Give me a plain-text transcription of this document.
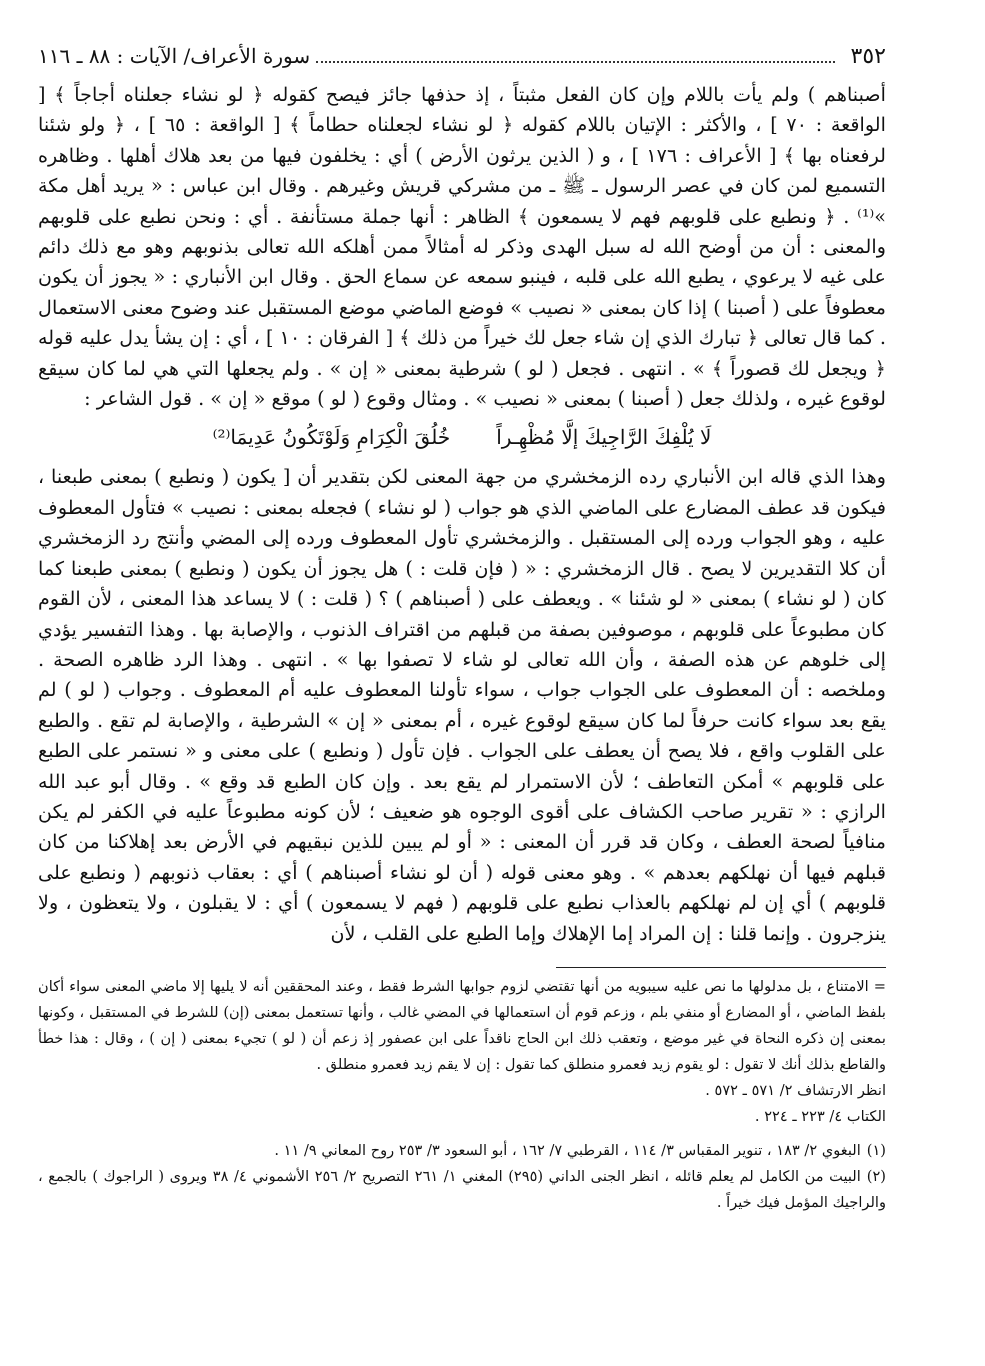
٣٥٢
سورة الأعراف/ الآيات : ٨٨ ـ ١١٦

أصبناهم ) ولم يأت باللام وإن كان الفعل مثبتاً ، إذ حذفها جائز فيصح كقوله ﴿ لو نشاء جعلناه أجاجاً ﴾ [ الواقعة : ٧٠ ] ، والأكثر : الإتيان باللام كقوله ﴿ لو نشاء لجعلناه حطاماً ﴾ [ الواقعة : ٦٥ ] ، ﴿ ولو شئنا لرفعناه بها ﴾ [ الأعراف : ١٧٦ ] ، و ( الذين يرثون الأرض ) أي : يخلفون فيها من بعد هلاك أهلها . وظاهره التسميع لمن كان في عصر الرسول ـ ﷺ ـ من مشركي قريش وغيرهم . وقال ابن عباس : « يريد أهل مكة »⁽¹⁾ . ﴿ ونطبع على قلوبهم فهم لا يسمعون ﴾ الظاهر : أنها جملة مستأنفة . أي : ونحن نطبع على قلوبهم والمعنى : أن من أوضح الله له سبل الهدى وذكر له أمثالاً ممن أهلكه الله تعالى بذنوبهم وهو مع ذلك دائم على غيه لا يرعوي ، يطبع الله على قلبه ، فينبو سمعه عن سماع الحق . وقال ابن الأنباري : « يجوز أن يكون معطوفاً على ( أصبنا ) إذا كان بمعنى « نصيب » فوضع الماضي موضع المستقبل عند وضوح معنى الاستعمال . كما قال تعالى ﴿ تبارك الذي إن شاء جعل لك خيراً من ذلك ﴾ [ الفرقان : ١٠ ] ، أي : إن يشأ يدل عليه قوله ﴿ ويجعل لك قصوراً ﴾ » . انتهى . فجعل ( لو ) شرطية بمعنى « إن » . ولم يجعلها التي هي لما كان سيقع لوقوع غيره ، ولذلك جعل ( أصبنا ) بمعنى « نصيب » . ومثال وقوع ( لو ) موقع « إن » . قول الشاعر :

لَا يُلْفِكَ الرَّاجِيكَ إلَّا مُظْهِـراً
خُلُقَ الْكِرَامِ وَلَوْتَكُونُ عَدِيمَا⁽²⁾

وهذا الذي قاله ابن الأنباري رده الزمخشري من جهة المعنى لكن بتقدير أن [ يكون ( ونطبع ) بمعنى طبعنا ، فيكون قد عطف المضارع على الماضي الذي هو جواب ( لو نشاء ) فجعله بمعنى : نصيب » فتأول المعطوف عليه ، وهو الجواب ورده إلى المستقبل . والزمخشري تأول المعطوف ورده إلى المضي وأنتج رد الزمخشري أن كلا التقديرين لا يصح . قال الزمخشري : « ( فإن قلت : ) هل يجوز أن يكون ( ونطبع ) بمعنى طبعنا كما كان ( لو نشاء ) بمعنى « لو شئنا » . ويعطف على ( أصبناهم ) ؟ ( قلت : ) لا يساعد هذا المعنى ، لأن القوم كان مطبوعاً على قلوبهم ، موصوفين بصفة من قبلهم من اقتراف الذنوب ، والإصابة بها . وهذا التفسير يؤدي إلى خلوهم عن هذه الصفة ، وأن الله تعالى لو شاء لا تصفوا بها » . انتهى . وهذا الرد ظاهره الصحة . وملخصه : أن المعطوف على الجواب جواب ، سواء تأولنا المعطوف عليه أم المعطوف . وجواب ( لو ) لم يقع بعد سواء كانت حرفاً لما كان سيقع لوقوع غيره ، أم بمعنى « إن » الشرطية ، والإصابة لم تقع . والطبع على القلوب واقع ، فلا يصح أن يعطف على الجواب . فإن تأول ( ونطبع ) على معنى و « نستمر على الطبع على قلوبهم » أمكن التعاطف ؛ لأن الاستمرار لم يقع بعد . وإن كان الطبع قد وقع » . وقال أبو عبد الله الرازي : « تقرير صاحب الكشاف على أقوى الوجوه هو ضعيف ؛ لأن كونه مطبوعاً عليه في الكفر لم يكن منافياً لصحة العطف ، وكان قد قرر أن المعنى : « أو لم يبين للذين نبقيهم في الأرض بعد إهلاكنا من كان قبلهم فيها أن نهلكهم بعدهم » . وهو معنى قوله ( أن لو نشاء أصبناهم ) أي : بعقاب ذنوبهم ( ونطبع على قلوبهم ) أي إن لم نهلكهم بالعذاب نطبع على قلوبهم ( فهم لا يسمعون ) أي : لا يقبلون ، ولا يتعظون ، ولا ينزجرون . وإنما قلنا : إن المراد إما الإهلاك وإما الطبع على القلب ، لأن

= الامتناع ، بل مدلولها ما نص عليه سيبويه من أنها تقتضي لزوم جوابها الشرط فقط ، وعند المحققين أنه لا يليها إلا ماضي المعنى سواء أكان بلفظ الماضي ، أو المضارع أو منفي بلم ، وزعم قوم أن استعمالها في المضي غالب ، وأنها تستعمل بمعنى (إن) للشرط في المستقبل ، وكونها بمعنى إن ذكره النحاة في غير موضع ، وتعقب ذلك ابن الحاج ناقداً على ابن عصفور إذ زعم أن ( لو ) تجيء بمعنى ( إن ) ، وقال : هذا خطأ والقاطع بذلك أنك لا تقول : لو يقوم زيد فعمرو منطلق كما تقول : إن لا يقم زيد فعمرو منطلق .

انظر الارتشاف ٢/ ٥٧١ ـ ٥٧٢ .

الكتاب ٤/ ٢٢٣ ـ ٢٢٤ .

(١)البغوي ٢/ ١٨٣ ، تنوير المقباس ٣/ ١١٤ ، القرطبي ٧/ ١٦٢ ، أبو السعود ٣/ ٢٥٣ روح المعاني ٩/ ١١ .

(٢)البيت من الكامل لم يعلم قائله ، انظر الجنى الداني (٢٩٥) المغني ١/ ٢٦١ التصريح ٢/ ٢٥٦ الأشموني ٤/ ٣٨ ويروى ( الراجوك ) بالجمع ، والراجيك المؤمل فيك خيراً .
